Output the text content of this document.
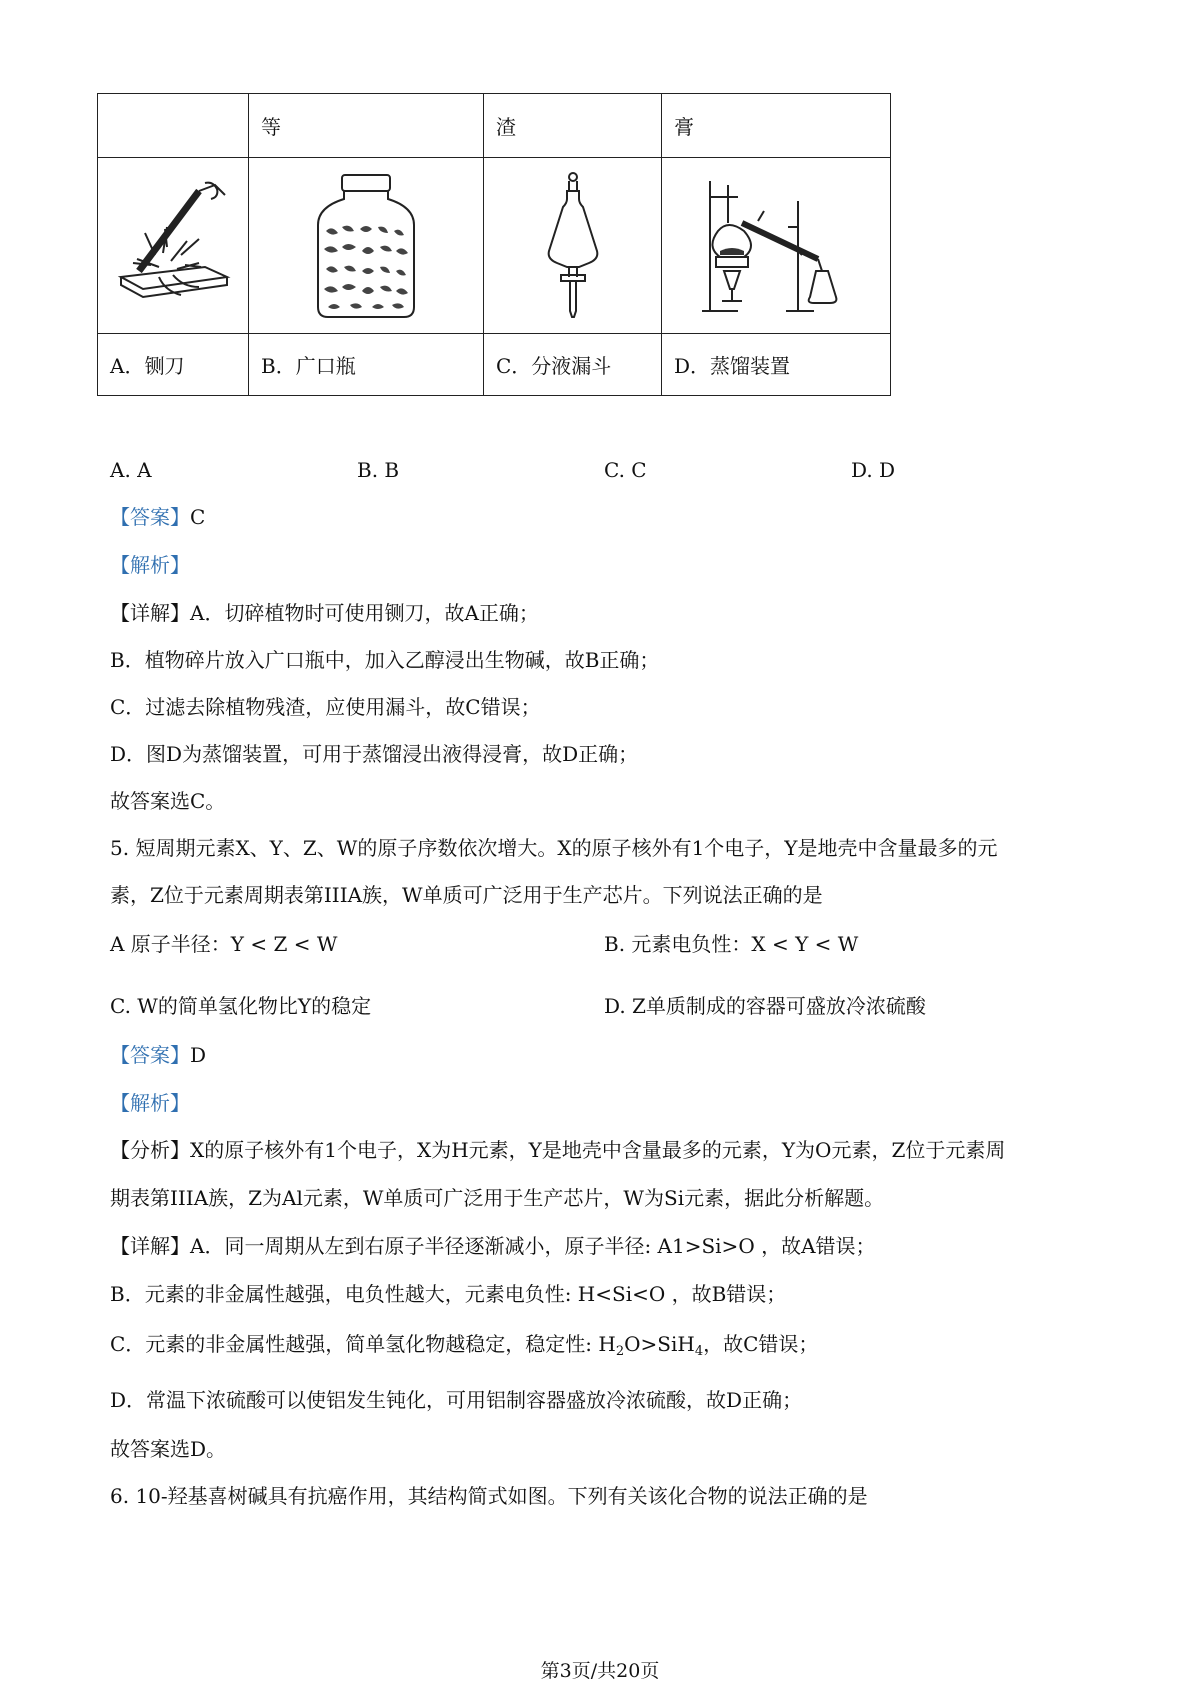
	等	渣	膏

A．铡刀	B．广口瓶	C．分液漏斗	D．蒸馏装置
A. A	B. B	C. C	D. D
【答案】C
【解析】
【详解】A．切碎植物时可使用铡刀，故A正确；
B．植物碎片放入广口瓶中，加入乙醇浸出生物碱，故B正确；
C．过滤去除植物残渣，应使用漏斗，故C错误；
D．图D为蒸馏装置，可用于蒸馏浸出液得浸膏，故D正确；
故答案选C。
5. 短周期元素X、Y、Z、W的原子序数依次增大。X的原子核外有1个电子，Y是地壳中含量最多的元
素，Z位于元素周期表第IIIA族，W单质可广泛用于生产芯片。下列说法正确的是
A 原子半径：Y < Z < W	B. 元素电负性：X < Y < W
C. W的简单氢化物比Y的稳定	D. Z单质制成的容器可盛放冷浓硫酸
【答案】D
【解析】
【分析】X的原子核外有1个电子，X为H元素，Y是地壳中含量最多的元素，Y为O元素，Z位于元素周
期表第IIIA族，Z为Al元素，W单质可广泛用于生产芯片，W为Si元素，据此分析解题。
【详解】A．同一周期从左到右原子半径逐渐减小，原子半径: A1>Si>O ，故A错误；
B．元素的非金属性越强，电负性越大，元素电负性: H<Si<O ，故B错误；
C．元素的非金属性越强，简单氢化物越稳定，稳定性: $H_2O>SiH_4$，故C错误；
D．常温下浓硫酸可以使铝发生钝化，可用铝制容器盛放冷浓硫酸，故D正确；
故答案选D。
6. 10-羟基喜树碱具有抗癌作用，其结构简式如图。下列有关该化合物的说法正确的是
第3页/共20页
